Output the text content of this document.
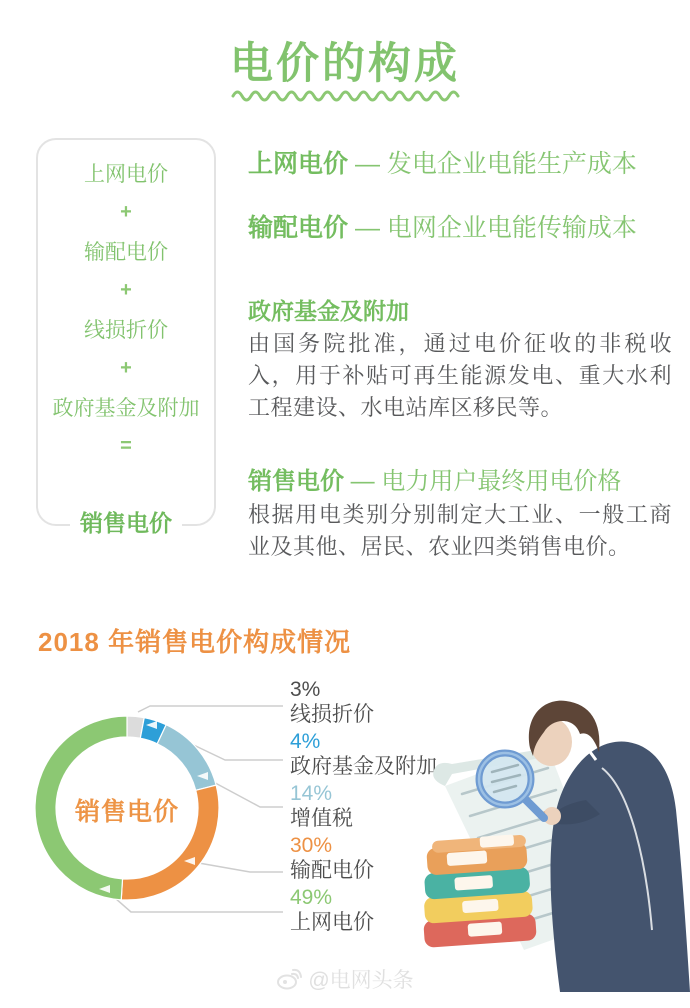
电价的构成
上网电价
+
输配电价
+
线损折价
+
政府基金及附加
=
销售电价
上网电价 — 发电企业电能生产成本
输配电价 — 电网企业电能传输成本
政府基金及附加
由国务院批准，通过电价征收的非税收入，用于补贴可再生能源发电、重大水利工程建设、水电站库区移民等。
销售电价 — 电力用户最终用电价格
根据用电类别分别制定大工业、一般工商业及其他、居民、农业四类销售电价。
2018 年销售电价构成情况
销售电价
3%
线损折价
4%
政府基金及附加
14%
增值税
30%
输配电价
49%
上网电价
@电网头条
